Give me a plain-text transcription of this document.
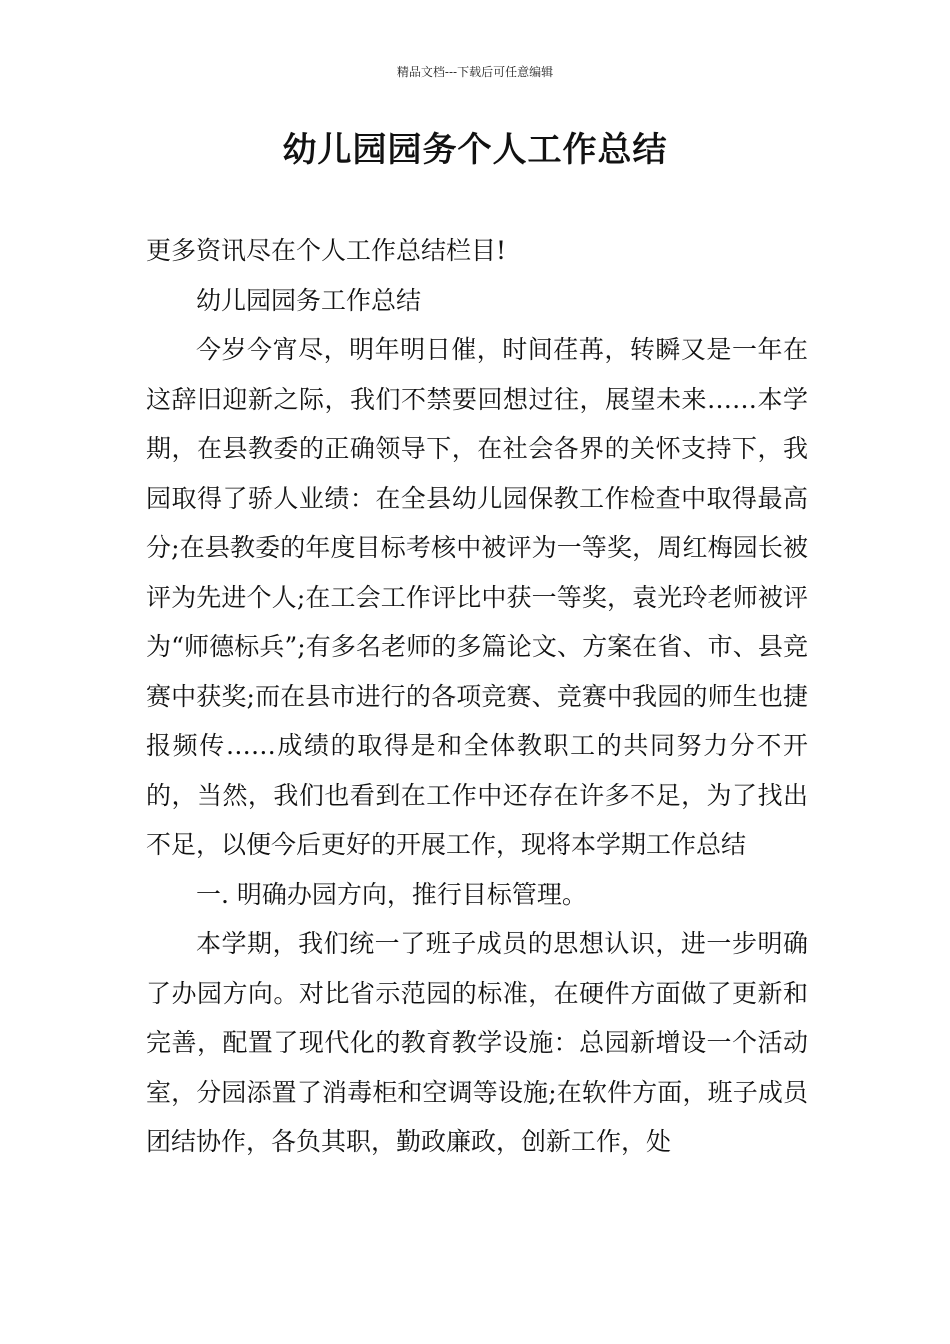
精品文档---下载后可任意编辑
幼儿园园务个人工作总结

更多资讯尽在个人工作总结栏目!

幼儿园园务工作总结

今岁今宵尽，明年明日催，时间荏苒，转瞬又是一年在这辞旧迎新之际，我们不禁要回想过往，展望未来……本学期，在县教委的正确领导下，在社会各界的关怀支持下，我园取得了骄人业绩：在全县幼儿园保教工作检查中取得最高分;在县教委的年度目标考核中被评为一等奖，周红梅园长被评为先进个人;在工会工作评比中获一等奖，袁光玲老师被评为“师德标兵”;有多名老师的多篇论文、方案在省、市、县竞赛中获奖;而在县市进行的各项竞赛、竞赛中我园的师生也捷报频传……成绩的取得是和全体教职工的共同努力分不开的，当然，我们也看到在工作中还存在许多不足，为了找出不足，以便今后更好的开展工作，现将本学期工作总结

一. 明确办园方向，推行目标管理。

本学期，我们统一了班子成员的思想认识，进一步明确了办园方向。对比省示范园的标准，在硬件方面做了更新和完善，配置了现代化的教育教学设施：总园新增设一个活动室，分园添置了消毒柜和空调等设施;在软件方面，班子成员团结协作，各负其职，勤政廉政，创新工作，处
